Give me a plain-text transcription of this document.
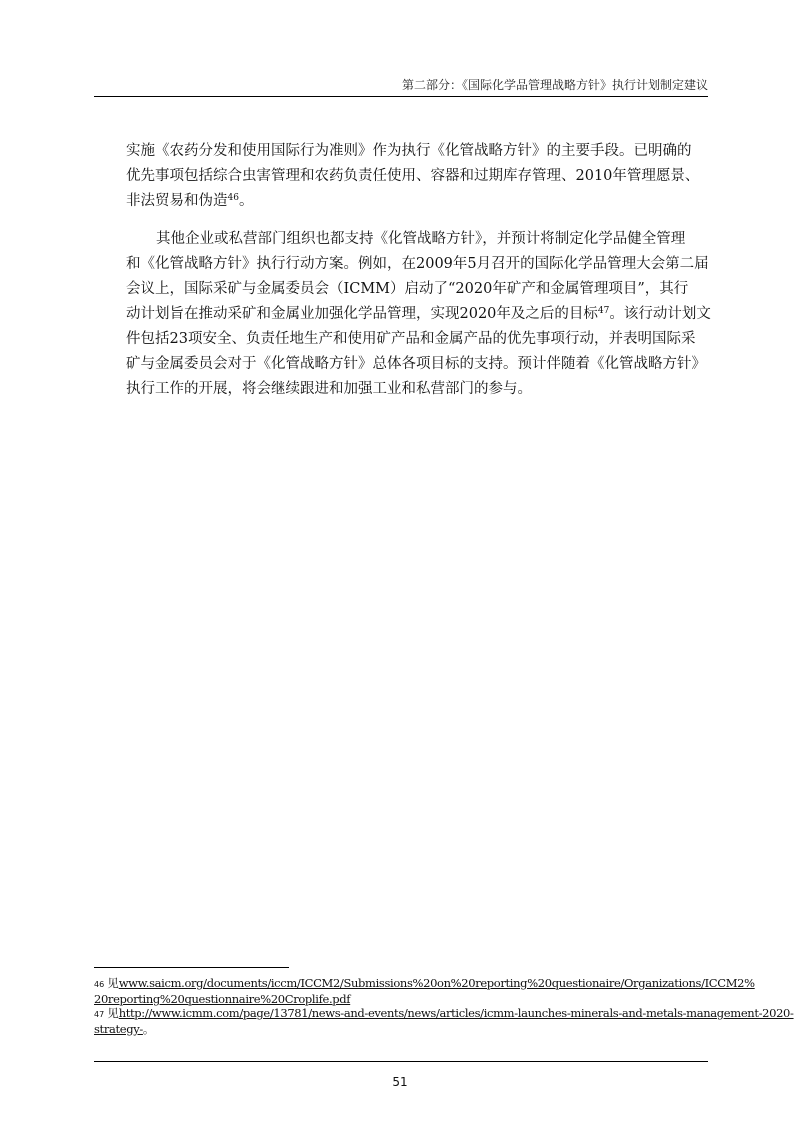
第二部分：《国际化学品管理战略方针》执行计划制定建议

实施《农药分发和使用国际行为准则》作为执行《化管战略方针》的主要手段。已明确的
优先事项包括综合虫害管理和农药负责任使用、容器和过期库存管理、2010年管理愿景、
非法贸易和伪造$^{46}$。

其他企业或私营部门组织也都支持《化管战略方针》，并预计将制定化学品健全管理
和《化管战略方针》执行行动方案。例如，在2009年5月召开的国际化学品管理大会第二届
会议上，国际采矿与金属委员会（ICMM）启动了“2020年矿产和金属管理项目”，其行
动计划旨在推动采矿和金属业加强化学品管理，实现2020年及之后的目标$^{47}$。该行动计划文
件包括23项安全、负责任地生产和使用矿产品和金属产品的优先事项行动，并表明国际采
矿与金属委员会对于《化管战略方针》总体各项目标的支持。预计伴随着《化管战略方针》
执行工作的开展，将会继续跟进和加强工业和私营部门的参与。

46 见www.saicm.org/documents/iccm/ICCM2/Submissions%20on%20reporting%20questionaire/Organizations/ICCM2%
20reporting%20questionnaire%20Croplife.pdf
47 见http://www.icmm.com/page/13781/news-and-events/news/articles/icmm-launches-minerals-and-metals-management-2020-
strategy-。
51
